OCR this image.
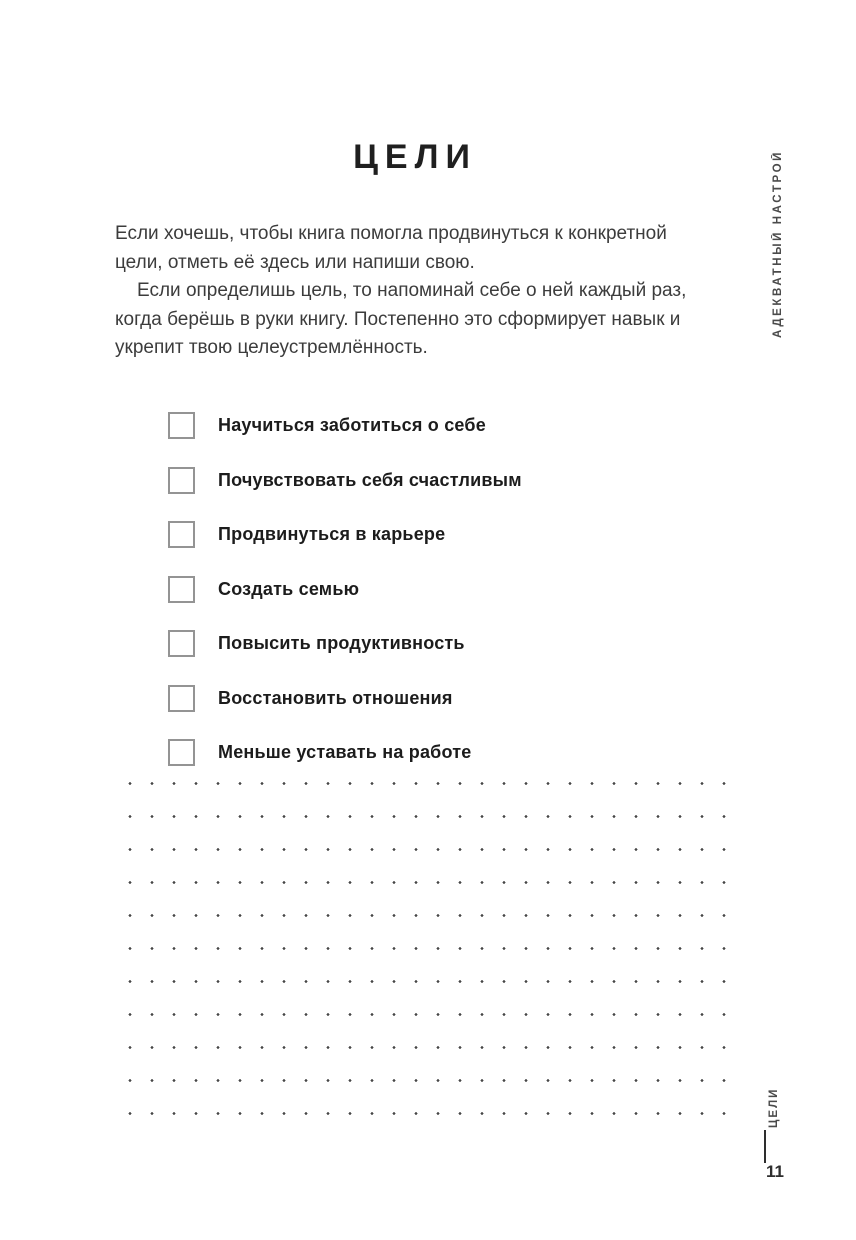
ЦЕЛИ	АДЕКВАТНЫЙ НАСТРОЙ

Если хочешь, чтобы книга помогла продвинуться к конкретной цели, отметь её здесь или напиши свою.

Если определишь цель, то напоминай себе о ней каждый раз, когда берёшь в руки книгу. Постепенно это сформирует навык и укрепит твою целеустремлённость.

Научиться заботиться о себе
Почувствовать себя счастливым
Продвинуться в карьере
Создать семью
Повысить продуктивность
Восстановить отношения
Меньше уставать на работе
ЦЕЛИ
11
